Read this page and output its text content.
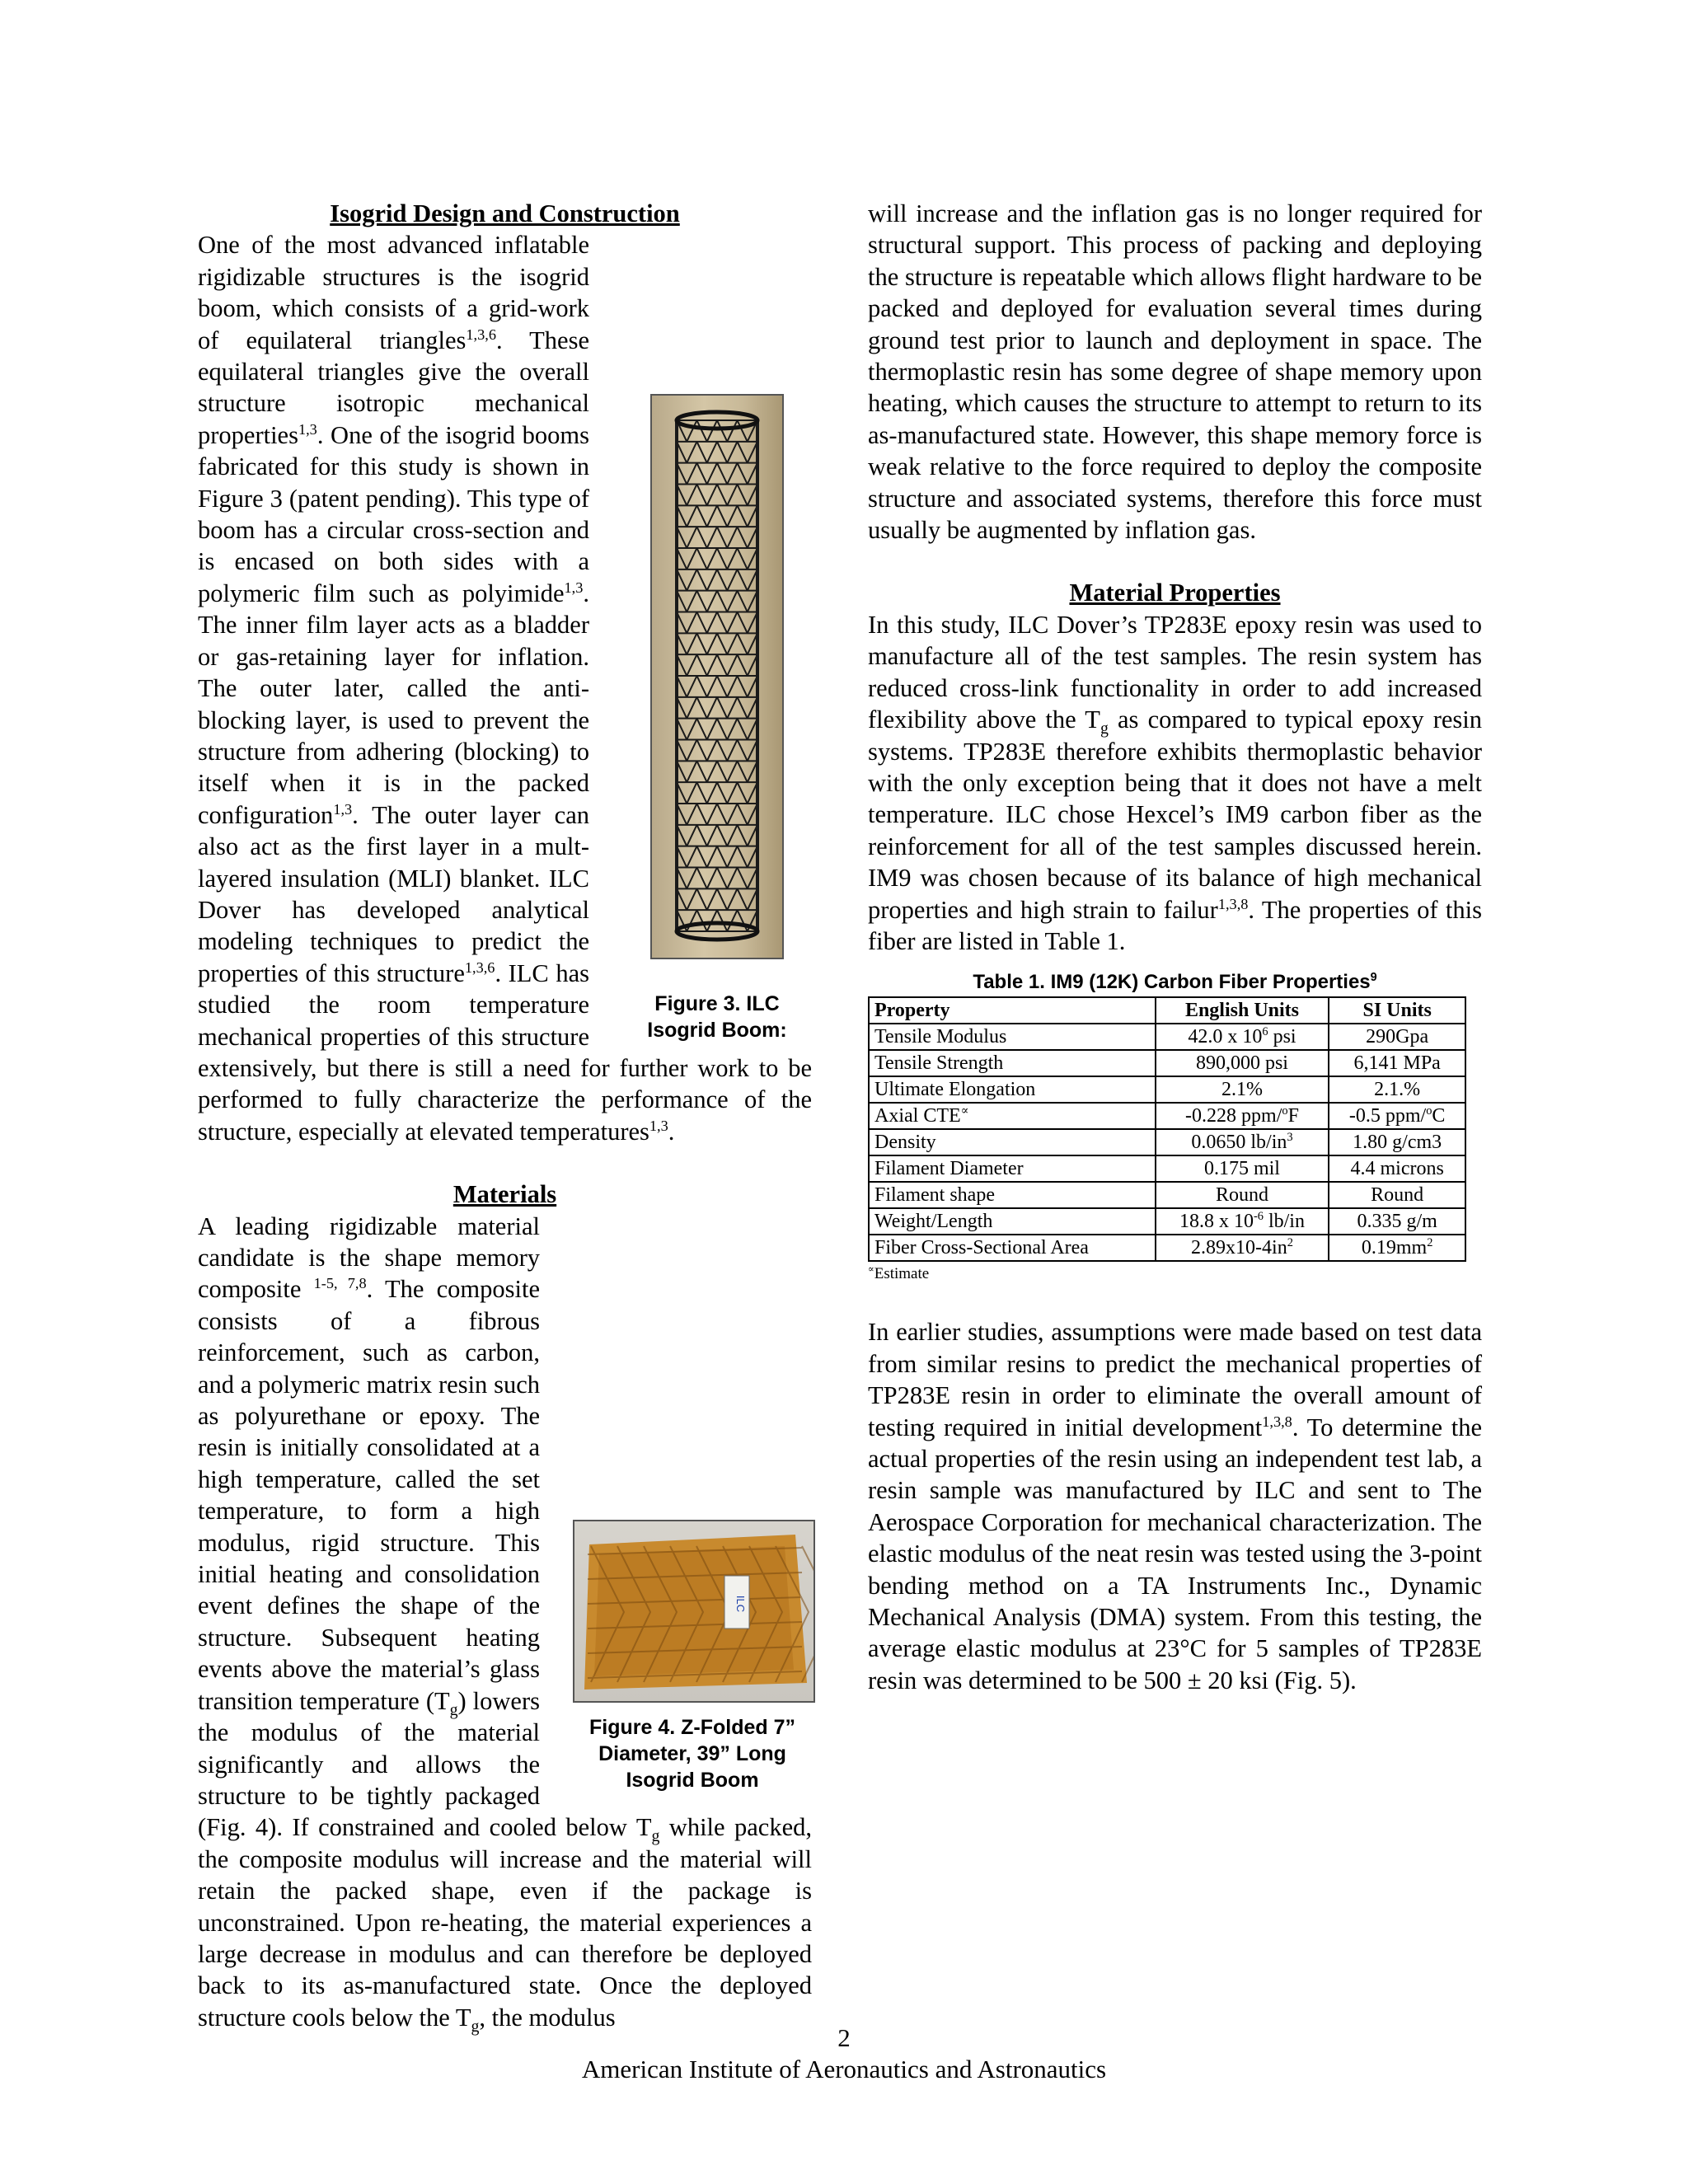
Isogrid Design and Construction

Figure 3. ILC Isogrid Boom:

One of the most advanced inflatable rigidizable structures is the isogrid boom, which consists of a grid-work of equilateral triangles$^{1,3,6}$. These equilateral triangles give the overall structure isotropic mechanical properties$^{1,3}$. One of the isogrid booms fabricated for this study is shown in Figure 3 (patent pending). This type of boom has a circular cross-section and is encased on both sides with a polymeric film such as polyimide$^{1,3}$. The inner film layer acts as a bladder or gas-retaining layer for inflation. The outer later, called the anti-blocking layer, is used to prevent the structure from adhering (blocking) to itself when it is in the packed configuration$^{1,3}$. The outer layer can also act as the first layer in a mult-layered insulation (MLI) blanket. ILC Dover has developed analytical modeling techniques to predict the properties of this structure$^{1,3,6}$. ILC has studied the room temperature mechanical properties of this structure extensively, but there is still a need for further work to be performed to fully characterize the performance of the structure, especially at elevated temperatures$^{1,3}$.

Materials

ILC

Figure 4. Z-Folded 7” Diameter, 39” Long Isogrid Boom

A leading rigidizable material candidate is the shape memory composite $^{1-5, 7,8}$. The composite consists of a fibrous reinforcement, such as carbon, and a polymeric matrix resin such as polyurethane or epoxy. The resin is initially consolidated at a high temperature, called the set temperature, to form a high modulus, rigid structure. This initial heating and consolidation event defines the shape of the structure. Subsequent heating events above the material’s glass transition temperature $(T_g)$ lowers the modulus of the material significantly and allows the structure to be tightly packaged (Fig. 4). If constrained and cooled below $T_g$ while packed, the composite modulus will increase and the material will retain the packed shape, even if the package is unconstrained. Upon re-heating, the material experiences a large decrease in modulus and can therefore be deployed back to its as-manufactured state. Once the deployed structure cools below the $T_g$, the modulus

will increase and the inflation gas is no longer required for structural support. This process of packing and deploying the structure is repeatable which allows flight hardware to be packed and deployed for evaluation several times during ground test prior to launch and deployment in space. The thermoplastic resin has some degree of shape memory upon heating, which causes the structure to attempt to return to its as-manufactured state. However, this shape memory force is weak relative to the force required to deploy the composite structure and associated systems, therefore this force must usually be augmented by inflation gas.

Material Properties

In this study, ILC Dover’s TP283E epoxy resin was used to manufacture all of the test samples. The resin system has reduced cross-link functionality in order to add increased flexibility above the $T_g$ as compared to typical epoxy resin systems. TP283E therefore exhibits thermoplastic behavior with the only exception being that it does not have a melt temperature. ILC chose Hexcel’s IM9 carbon fiber as the reinforcement for all of the test samples discussed herein. IM9 was chosen because of its balance of high mechanical properties and high strain to failur$^{1,3,8}$. The properties of this fiber are listed in Table 1.

Table 1. IM9 (12K) Carbon Fiber Properties$^9$

Property	English Units	SI Units
Tensile Modulus	42.0 x $10^6$ psi	290Gpa
Tensile Strength	890,000 psi	6,141 MPa
Ultimate Elongation	2.1%	2.1.%
Axial CTE∝	-0.228 ppm/$^o$F	-0.5 ppm/$^o$C
Density	0.0650 $lb/in^3$	1.80 g/cm3
Filament Diameter	0.175 mil	4.4 microns
Filament shape	Round	Round
Weight/Length	18.8 x $10^{-6}$ lb/in	0.335 g/m
Fiber Cross-Sectional Area	$2.89x10-4in^2$	$0.19mm^2$

∝Estimate

In earlier studies, assumptions were made based on test data from similar resins to predict the mechanical properties of TP283E resin in order to eliminate the overall amount of testing required in initial development$^{1,3,8}$. To determine the actual properties of the resin using an independent test lab, a resin sample was manufactured by ILC and sent to The Aerospace Corporation for mechanical characterization. The elastic modulus of the neat resin was tested using the 3-point bending method on a TA Instruments Inc., Dynamic Mechanical Analysis (DMA) system. From this testing, the average elastic modulus at 23°C for 5 samples of TP283E resin was determined to be 500 ± 20 ksi (Fig. 5).

2
American Institute of Aeronautics and Astronautics
